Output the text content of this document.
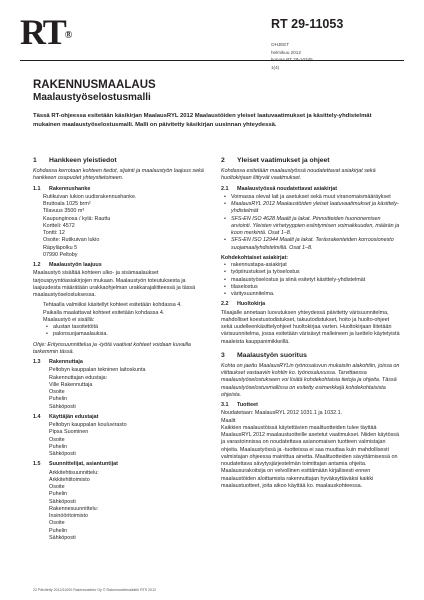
RT®
RT 29-11053
OHJEET
helmikuu 2012
1(4)
RAKENNUSMAALAUS
Maalaustyöselostusmalli
Tässä RT-ohjeessa esitetään käsikirjan MaalausRYL 2012 Maalaustöiden yleiset laatuvaatimukset ja käsittely-yhdistelmät mukainen maalaustyöselostusmalli. Malli on päivitetty käsikirjan uusinnan yhteydessä.
1 Hankkeen yleistiedot

Kohdassa kerrotaan kohteen tiedot, sijainti ja maalaustyön laajuus sekä hankkeen osapuolet yhteystietoineen.

1.1 Rakennushanke
Rutikuivan lukion uudisrakennushanke.
Bruttoala 1025 brm²
Tilavuus 3500 m³
Kaupunginosa / kylä: Rauttu
Kortteli: 4572
Tontti: 12
Osoite: Rutikuivan lukio
Räpyläpolku 5
07990 Peltoby
1.2 Maalaustyön laajuus

Maalaustyö sisältää kohteen ulko- ja sisämaalaukset tarjouspyyntöasiakirjojen mukaan. Maalaustyön toteutuksesta ja laajuudesta määrätään urakkaohjelman urakkarajaliitteessä ja tässä maalaustyöselostuksessa.

Tehtaalla valmiiksi käsitellyt kohteet esitetään kohdassa 4.
Paikalla maalattavat kohteet esitetään kohdassa 4.
Maalaustyö ei sisällä:
• alustan tasoitetöitä
• palonsuojamaalauksia.

Ohje: Erityissuunnittelua ja -työtä vaativat kohteet voidaan kuvailla tarkemmin tässä.

1.3 Rakennuttaja
Peltobyn kauppalan tekninen laitoskunta
Rakennuttajan edustaja:
Ville Rakennuttaja
Osoite
Puhelin
Sähköposti
1.4 Käyttäjän edustajat
Peltobyn kauppalan kouluvirasto
Pipsa Suominen
Osoite
Puhelin
Sähköposti
1.5 Suunnittelijat, asiantuntijat
Arkkitehtisuunnittelu:
Arkkitehtitoimisto
Osoite
Puhelin
Sähköposti
Rakennesuunnittelu:
Insinööritoimisto
Osoite
Puhelin
Sähköposti
2 Yleiset vaatimukset ja ohjeet

Kohdassa esitetään maalaustyössä noudatettavat asiakirjat sekä huoltokirjaan liittyvät vaatimukset.

2.1 Maalaustyössä noudatettavat asiakirjat
• Voimassa olevat lait ja asetukset sekä muut viranomaismääräykset
• MaalausRYL 2012 Maalaustöiden yleiset laatuvaatimukset ja käsittely-yhdistelmät
• SFS-EN ISO 4628 Maalit ja lakat. Pinnoitteiden huononemisen arviointi. Yleisten virhetyyppien esiintymisen voimakkuuden, määrän ja koon merkintä. Osat 1–8.
• SFS-EN ISO 12944 Maalit ja lakat. Teräsrakenteiden korroosionesto suojamaaliyhdistelmillä. Osat 1–8.
Kohdekohtaiset asiakirjat:
• rakennustapa-asiakirjat
• työpiirustukset ja työselostus
• maalaustyöselostus ja siinä esitetyt käsittely-yhdistelmät
• tilaselostus
• väritysuunnitelma.
2.2 Huoltokirja

Tilaajalle annetaan luovutuksen yhteydessä päivitetty värisuunnitelma, mahdolliset koestustodistukset, takuutodistukset, hoito ja huolto-ohjeet sekä uudelleenkäsittelyohjeet huoltokirjaa varten. Huoltokirjaan liitetään värisuunnitelma, jossa esitetään värisävyt malleineen ja luettelo käytetyistä maaleista kauppanimikkeillä.

3 Maalaustyön suoritus

Kohta on jaettu MaalausRYLin työnosaluvun mukaisiin alakohtiin, joissa on viittaukset vastaaviin kohtiin ko. työnosaluvussa. Tarvittaessa maalaustyöselostukseen voi lisätä kohdekohtaisia tietoja ja ohjeita. Tässä maalaustyöselostusmallissa on esitetty esimerkkejä kohdekohtaisista ohjeista.

3.1 Tuotteet
Noudatetaan: MaalausRYL 2012 1031.1 ja 1032.1.
Maalit

Kaikkien maalaustöissä käytettävien maalituotteiden tulee täyttää MaalausRYL 2012 maalaustuotteille asetetut vaatimukset. Niiden käytössä ja varastoinnissa on noudatettava asianomaisen tuotteen valmistajan ohjeita. Maalaustyössä ja -tuotteissa ei saa muuttaa kuin mahdollisesti valmistajan ohjeessa mainittua ainetta. Maalituotteiden sävyttämisessä on noudatettava sävytysjärjestelmän toimittajan antamia ohjeita. Maalausurakoitsija on velvollinen esittämään kirjallisesti ennen maalaustöiden aloittamista rakennuttajan hyväksyttäväksi kaikki maalaustuotteet, joita aikoo käyttää ko. maalauskohteessa.

22 Päivitetty 2012/11000 Rakennustieto Oy © Rakennustietosäätiö RTS 2012
